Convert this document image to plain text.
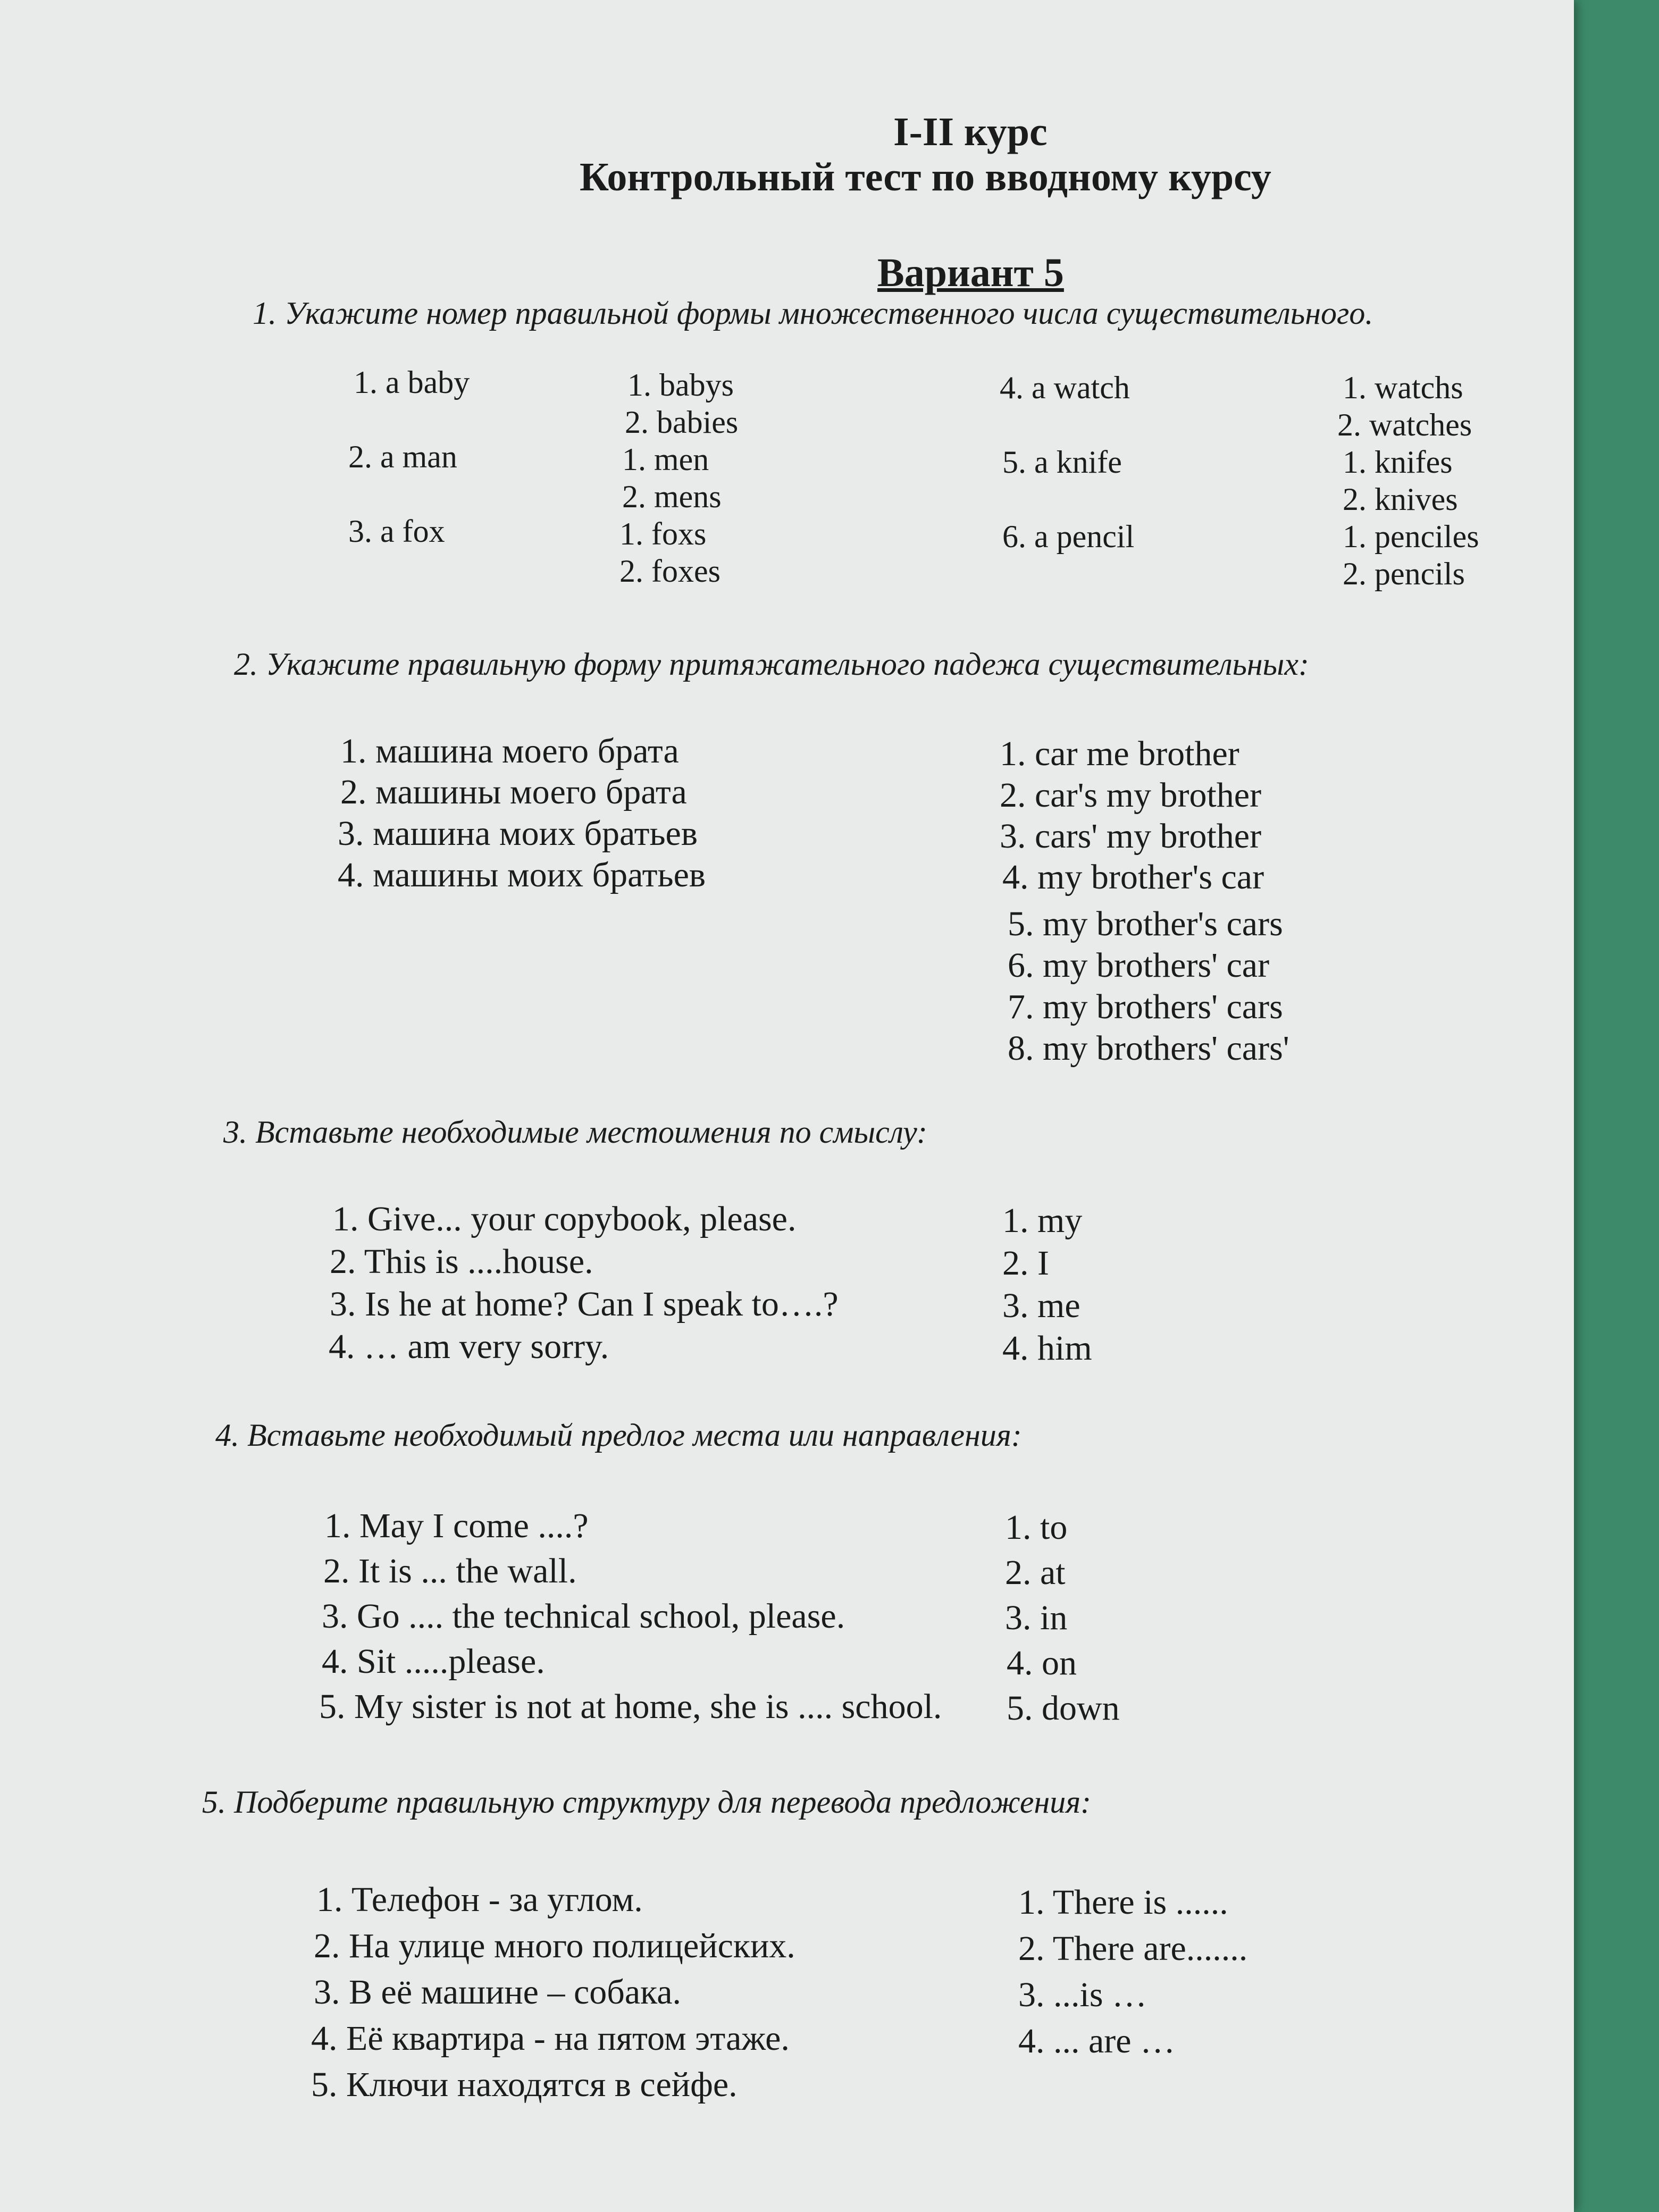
I-II курс
Контрольный тест по вводному курсу
Вариант 5
1. Укажите номер правильной формы множественного числа существительного.
1. a baby	1. babys
2. babies
2. a man	1. men
2. mens
3. a fox	1. foxs
2. foxes
4. a watch	1. watchs
2. watches
5. a knife	1. knifes
2. knives
6. a pencil	1. penciles
2. pencils
2. Укажите правильную форму притяжательного падежа существительных:
1. машина моего брата
2. машины моего брата
3. машина моих братьев
4. машины моих братьев
1. car me brother
2. car's my brother
3. cars' my brother
4. my brother's car
5. my brother's cars
6. my brothers' car
7. my brothers' cars
8. my brothers' cars'
3. Вставьте необходимые местоимения по смыслу:
1. Give... your copybook, please.
2. This is ....house.
3. Is he at home? Can I speak to….?
4. … am very sorry.
1. my
2. I
3. me
4. him
4. Вставьте необходимый предлог места или направления:
1. May I come ....?
2. It is ... the wall.
3. Go .... the technical school, please.
4. Sit .....please.
5. My sister is not at home, she is .... school.
1. to
2. at
3. in
4. on
5. down
5. Подберите правильную структуру для перевода предложения:
1. Телефон - за углом.
2. На улице много полицейских.
3. В её машине – собака.
4. Её квартира - на пятом этаже.
5. Ключи находятся в сейфе.
1. There is ......
2. There are.......
3. ...is …
4. ... are …
